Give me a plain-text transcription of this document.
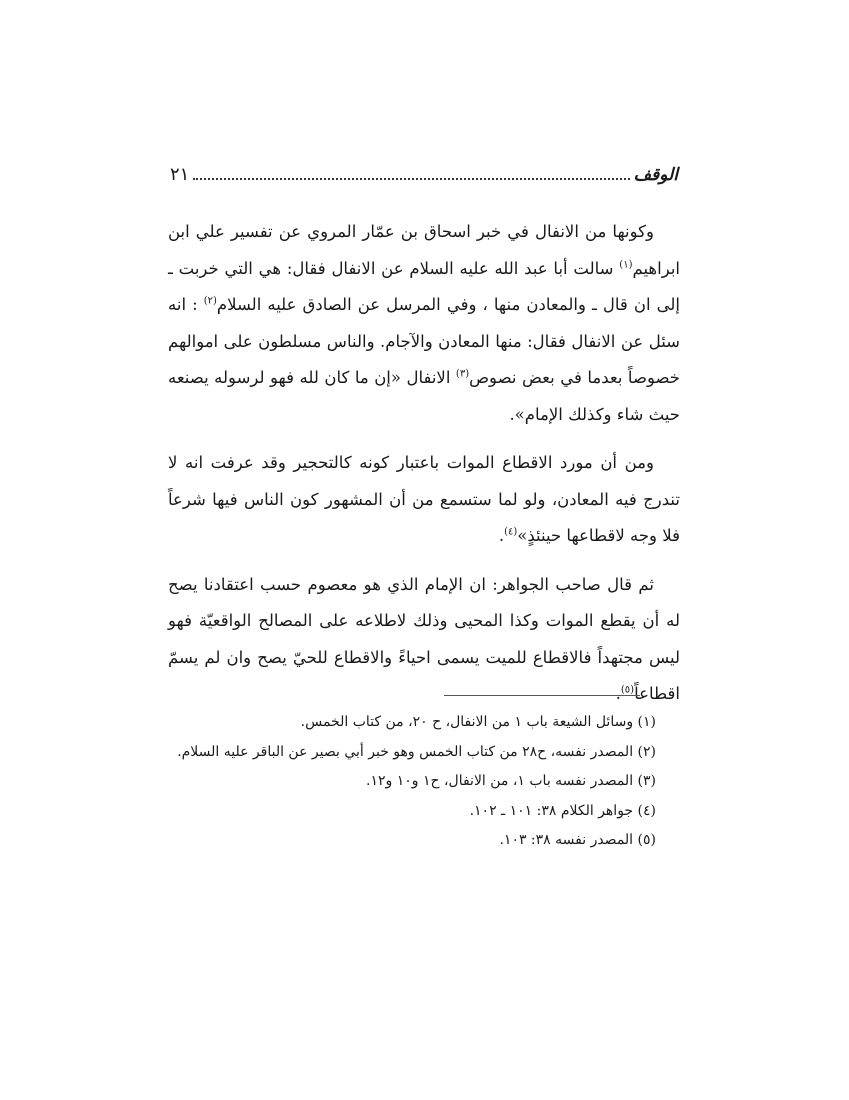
الوقف
٢١

وكونها من الانفال في خبر اسحاق بن عمّار المروي عن تفسير علي ابن ابراهيم$^{(١)}$ سالت أبا عبد الله عليه السلام عن الانفال فقال: هي التي خربت ـ إلى ان قال ـ والمعادن منها ، وفي المرسل عن الصادق عليه السلام$^{(٢)}$ : انه سئل عن الانفال فقال: منها المعادن والآجام. والناس مسلطون على اموالهم خصوصاً بعدما في بعض نصوص$^{(٣)}$ الانفال «إن ما كان لله فهو لرسوله يصنعه حيث شاء وكذلك الإمام».

ومن أن مورد الاقطاع الموات باعتبار كونه كالتحجير وقد عرفت انه لا تندرج فيه المعادن، ولو لما ستسمع من أن المشهور كون الناس فيها شرعاً فلا وجه لاقطاعها حينئذٍ»$^{(٤)}$.

ثم قال صاحب الجواهر: ان الإمام الذي هو معصوم حسب اعتقادنا يصح له أن يقطع الموات وكذا المحيى وذلك لاطلاعه على المصالح الواقعيّة فهو ليس مجتهداً فالاقطاع للميت يسمى احياءً والاقطاع للحيّ يصح وان لم يسمّ اقطاعاً$^{(٥)}$.

(١) وسائل الشيعة باب ١ من الانفال، ح ٢٠، من كتاب الخمس.

(٢) المصدر نفسه، ح٢٨ من كتاب الخمس وهو خبر أبي بصير عن الباقر عليه السلام.

(٣) المصدر نفسه باب ١، من الانفال، ح١ و١٠ و١٢.

(٤) جواهر الكلام ٣٨: ١٠١ ـ ١٠٢.

(٥) المصدر نفسه ٣٨: ١٠٣.
